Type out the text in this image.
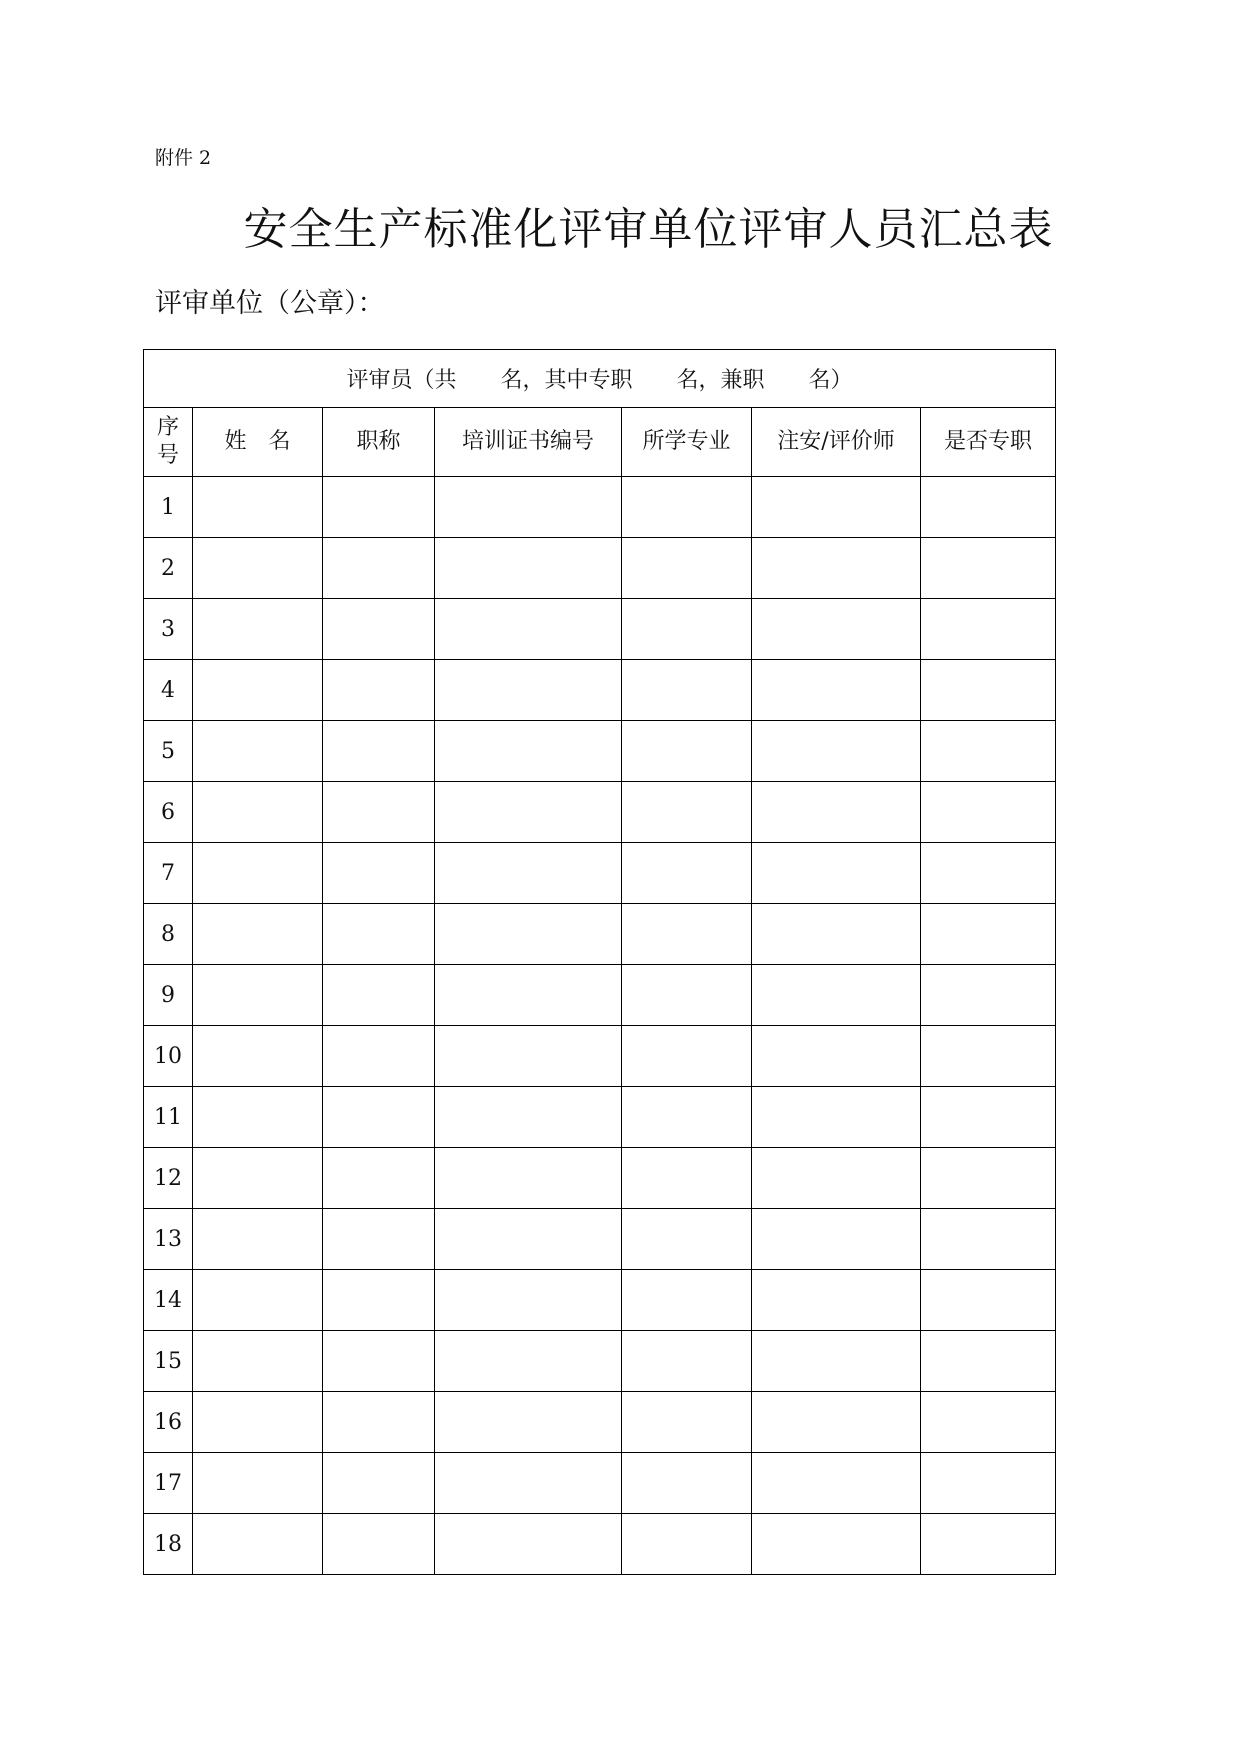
附件 2
安全生产标准化评审单位评审人员汇总表
评审单位（公章）：
评审员（共　　名，其中专职　　名，兼职　　名）						

序
号	姓　名	职称	培训证书编号	所学专业	注安/评价师	是否专职
1						
2						
3						
4						
5						
6						
7						
8						
9						
10						
11						
12						
13						
14						
15						
16						
17						
18						
